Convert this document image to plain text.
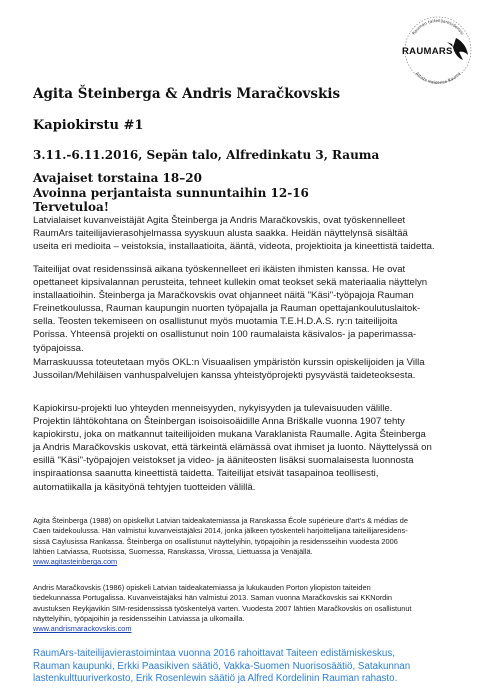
Rauman taiteilijaresidenssi
Artists residence Rauma
RAUMARS
Agita Šteinberga & Andris Maračkovskis
Kapiokirstu #1
3.11.-6.11.2016, Sepän talo, Alfredinkatu 3, Rauma
Avajaiset torstaina 18–20
Avoinna perjantaista sunnuntaihin 12-16
Tervetuloa!
Latvialaiset kuvanveistäjät Agita Šteinberga ja Andris Maračkovskis, ovat työskennelleet
RaumArs taiteilijavierasohjelmassa syyskuun alusta saakka. Heidän näyttelynsä sisältää
useita eri medioita – veistoksia, installaatioita, ääntä, videota, projektioita ja kineettistä taidetta.
Taiteilijat ovat residenssinsä aikana työskennelleet eri ikäisten ihmisten kanssa. He ovat
opettaneet kipsivalannan perusteita, tehneet kullekin omat teokset sekä materiaalia näyttelyn
installaatioihin. Šteinberga ja Maračkovskis ovat ohjanneet näitä "Käsi"-työpajoja Rauman
Freinetkoulussa, Rauman kaupungin nuorten työpajalla ja Rauman opettajankoulutuslaitok-
sella. Teosten tekemiseen on osallistunut myös muotamia T.E.H.D.A.S. ry:n taiteilijoita
Porissa. Yhteensä projekti on osallistunut noin 100 raumalaista käsivalos- ja paperimassa-
työpajoissa.
Marraskuussa toteutetaan myös OKL:n Visuaalisen ympäristön kurssin opiskelijoiden ja Villa
Jussoilan/Mehiläisen vanhuspalvelujen kanssa yhteistyöprojekti pysyvästä taideteoksesta.
Kapiokirsu-projekti luo yhteyden menneisyyden, nykyisyyden ja tulevaisuuden välille.
Projektin lähtökohtana on Šteinbergan isoisoisoäidille Anna Briškalle vuonna 1907 tehty
kapiokirstu, joka on matkannut taiteilijoiden mukana Varaklanista Raumalle. Agita Šteinberga
ja Andris Maračkovskis uskovat, että tärkeintä elämässä ovat ihmiset ja luonto. Näyttelyssä on
esillä "Käsi"-työpajojen veistokset ja video- ja ääniteosten lisäksi suomalaisesta luonnosta
inspiraationsa saanutta kineettistä taidetta. Taiteilijat etsivät tasapainoa teollisesti,
automatiikalla ja käsityönä tehtyjen tuotteiden välillä.
Agita Šteinberga (1988) on opiskellut Latvian taideakatemiassa ja Ranskassa École supérieure d'art's & médias de
Caen taidekoulussa. Hän valmistui kuvanveistäjäksi 2014, jonka jälkeen työskenteli harjoittelijana taiteilijaresidens-
sissä Caylusissa Rankassa. Šteinberga on osallistunut näyttelyihin, työpajoihin ja residensseihin vuodesta 2006
lähtien Latviassa, Ruotsissa, Suomessa, Ranskassa, Virossa, Liettuassa ja Venäjällä.
www.agitasteinberga.com
Andris Maračkovskis (1986) opiskeli Latvian taideakatemiassa ja lukukauden Porton yliopiston taiteiden
tiedekunnassa Portugalissa. Kuvanveistäjäksi hän valmistui 2013. Saman vuonna Maračkovskis sai KKNordin
avustuksen Reykjavikin SIM-residenssissä työskentelyä varten. Vuodesta 2007 lähtien Maračkovskis on osallistunut
näyttelyihin, työpajoihin ja residensseihin Latviassa ja ulkomailla.
www.andrismarackovskis.com
RaumArs-taiteilijavierastoimintaa vuonna 2016 rahoittavat Taiteen edistämiskeskus,
Rauman kaupunki, Erkki Paasikiven säätiö, Vakka-Suomen Nuorisosäätiö, Satakunnan
lastenkulttuuriverkosto, Erik Rosenlewin säätiö ja Alfred Kordelinin Rauman rahasto.
